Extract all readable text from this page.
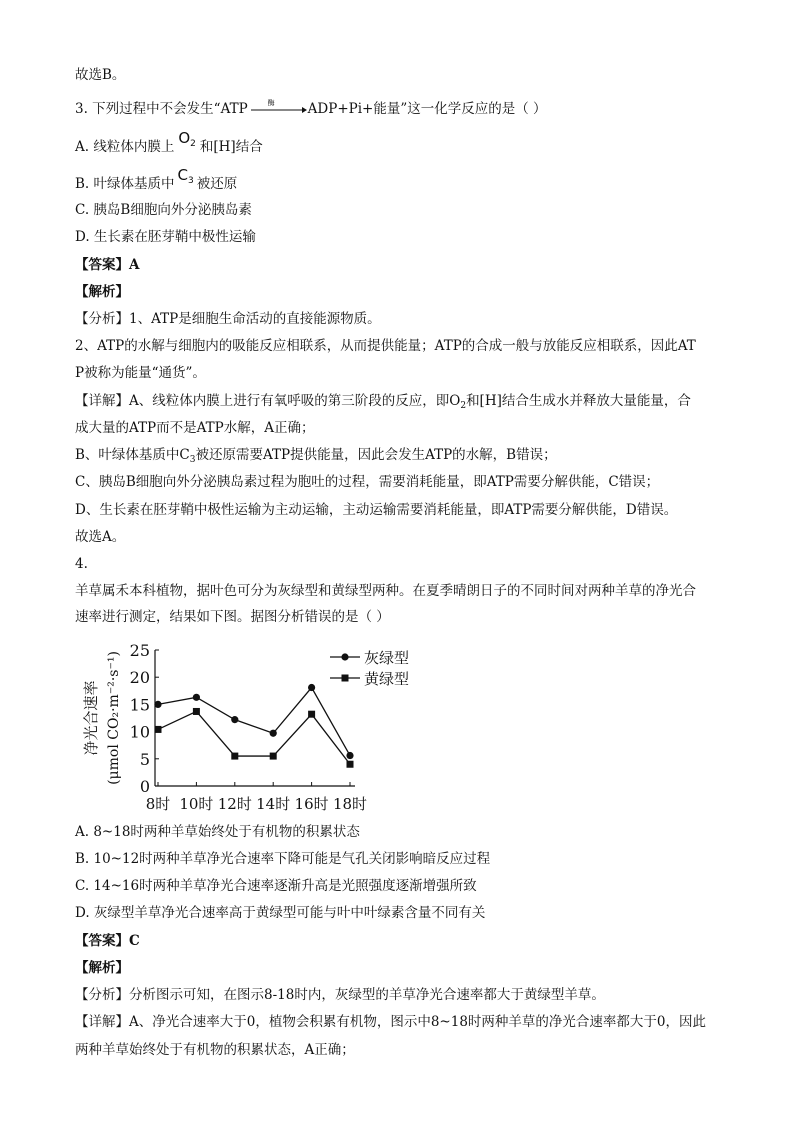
故选B。
3. 下列过程中不会发生“ATP	酶 ADP+Pi+能量”这一化学反应的是（ ）
A. 线粒体内膜上 $O_2$ 和[H]结合
B. 叶绿体基质中 $C_3$ 被还原
C. 胰岛B细胞向外分泌胰岛素
D. 生长素在胚芽鞘中极性运输
【答案】A
【解析】
【分析】1、ATP是细胞生命活动的直接能源物质。
2、ATP的水解与细胞内的吸能反应相联系，从而提供能量；ATP的合成一般与放能反应相联系，因此AT
P被称为能量“通货”。
【详解】A、线粒体内膜上进行有氧呼吸的第三阶段的反应，即$O_2$和[H]结合生成水并释放大量能量，合
成大量的ATP而不是ATP水解，A正确；
B、叶绿体基质中$C_3$被还原需要ATP提供能量，因此会发生ATP的水解，B错误；
C、胰岛B细胞向外分泌胰岛素过程为胞吐的过程，需要消耗能量，即ATP需要分解供能，C错误；
D、生长素在胚芽鞘中极性运输为主动运输，主动运输需要消耗能量，即ATP需要分解供能，D错误。
故选A。
4.
羊草属禾本科植物，据叶色可分为灰绿型和黄绿型两种。在夏季晴朗日子的不同时间对两种羊草的净光合
速率进行测定，结果如下图。据图分析错误的是（ ）
0
5
10
15
20
25
8时 10时 12时 14时 16时 18时
净光合速率 (μmol CO₂·m⁻²·s⁻¹)	灰绿型
黄绿型
A. 8~18时两种羊草始终处于有机物的积累状态
B. 10~12时两种羊草净光合速率下降可能是气孔关闭影响暗反应过程
C. 14~16时两种羊草净光合速率逐渐升高是光照强度逐渐增强所致
D. 灰绿型羊草净光合速率高于黄绿型可能与叶中叶绿素含量不同有关
【答案】C
【解析】
【分析】分析图示可知，在图示8-18时内，灰绿型的羊草净光合速率都大于黄绿型羊草。
【详解】A、净光合速率大于0，植物会积累有机物，图示中8~18时两种羊草的净光合速率都大于0，因此
两种羊草始终处于有机物的积累状态，A正确；
